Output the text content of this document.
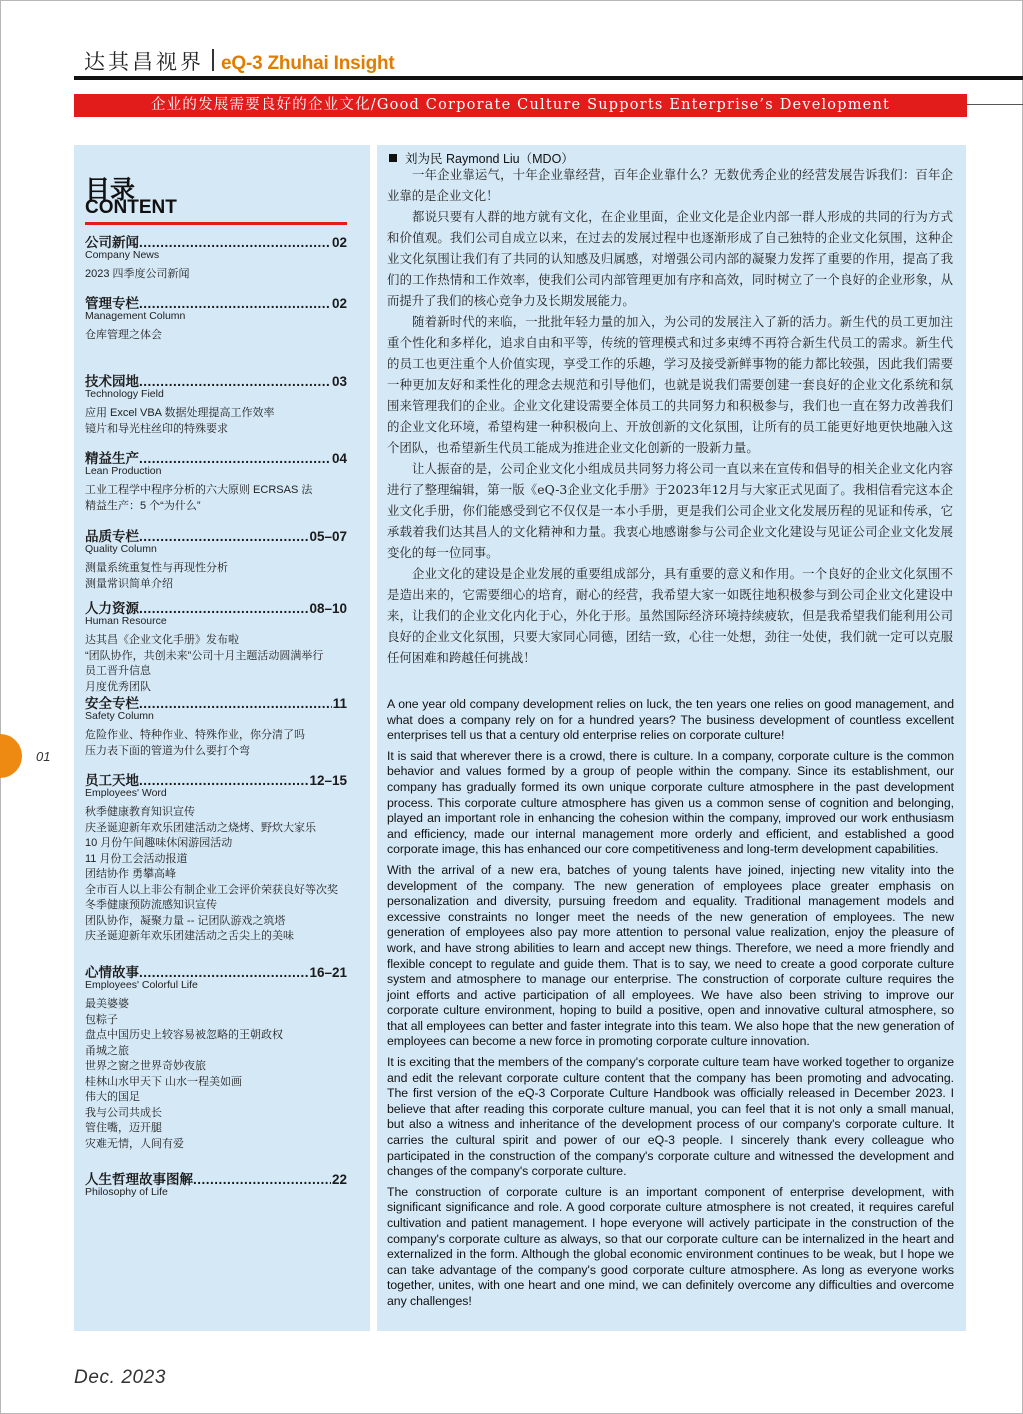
达其昌视界 eQ-3 Zhuhai Insight
企业的发展需要良好的企业文化/Good Corporate Culture Supports Enterprise’s Development
目录
CONTENT
公司新闻 .....	02
Company News
2023 四季度公司新闻
管理专栏 .....	02
Management Column
仓库管理之体会
技术园地 .....	03
Technology Field
应用 Excel VBA 数据处理提高工作效率
镜片和导光柱丝印的特殊要求
精益生产 .....	04
Lean Production
工业工程学中程序分析的六大原则 ECRSAS 法
精益生产：5 个“为什么”
品质专栏 .....	05–07
Quality Column
测量系统重复性与再现性分析
测量常识简单介绍
人力资源 .....	08–10
Human Resource
达其昌《企业文化手册》发布啦
“团队协作，共创未来”公司十月主题活动圆满举行
员工晋升信息
月度优秀团队
安全专栏 .....	11
Safety Column
危险作业、特种作业、特殊作业，你分清了吗
压力表下面的管道为什么要打个弯
员工天地 .....	12–15
Employees' Word
秋季健康教育知识宣传
庆圣诞迎新年欢乐团建活动之烧烤、野炊大家乐
10 月份午间趣味休闲游园活动
11 月份工会活动报道
团结协作 勇攀高峰
全市百人以上非公有制企业工会评价荣获良好等次奖
冬季健康预防流感知识宣传
团队协作，凝聚力量 -- 记团队游戏之筑塔
庆圣诞迎新年欢乐团建活动之舌尖上的美味
心情故事 .....	16–21
Employees' Colorful Life
最美婆婆
包粽子
盘点中国历史上较容易被忽略的王朝政权
甬城之旅
世界之窗之世界奇妙夜旅
桂林山水甲天下 山水一程美如画
伟大的国足
我与公司共成长
管住嘴，迈开腿
灾难无情，人间有爱
人生哲理故事图解 .....	22
Philosophy of Life
刘为民 Raymond Liu（MDO）

一年企业靠运气，十年企业靠经营，百年企业靠什么？无数优秀企业的经营发展告诉我们：百年企业靠的是企业文化！

都说只要有人群的地方就有文化，在企业里面，企业文化是企业内部一群人形成的共同的行为方式和价值观。我们公司自成立以来，在过去的发展过程中也逐渐形成了自己独特的企业文化氛围，这种企业文化氛围让我们有了共同的认知感及归属感，对增强公司内部的凝聚力发挥了重要的作用，提高了我们的工作热情和工作效率，使我们公司内部管理更加有序和高效，同时树立了一个良好的企业形象，从而提升了我们的核心竞争力及长期发展能力。

随着新时代的来临，一批批年轻力量的加入，为公司的发展注入了新的活力。新生代的员工更加注重个性化和多样化，追求自由和平等，传统的管理模式和过多束缚不再符合新生代员工的需求。新生代的员工也更注重个人价值实现，享受工作的乐趣，学习及接受新鲜事物的能力都比较强，因此我们需要一种更加友好和柔性化的理念去规范和引导他们，也就是说我们需要创建一套良好的企业文化系统和氛围来管理我们的企业。企业文化建设需要全体员工的共同努力和积极参与，我们也一直在努力改善我们的企业文化环境，希望构建一种积极向上、开放创新的文化氛围，让所有的员工能更好地更快地融入这个团队，也希望新生代员工能成为推进企业文化创新的一股新力量。

让人振奋的是，公司企业文化小组成员共同努力将公司一直以来在宣传和倡导的相关企业文化内容进行了整理编辑，第一版《eQ-3企业文化手册》于2023年12月与大家正式见面了。我相信看完这本企业文化手册，你们能感受到它不仅仅是一本小手册，更是我们公司企业文化发展历程的见证和传承，它承载着我们达其昌人的文化精神和力量。我衷心地感谢参与公司企业文化建设与见证公司企业文化发展变化的每一位同事。

企业文化的建设是企业发展的重要组成部分，具有重要的意义和作用。一个良好的企业文化氛围不是造出来的，它需要细心的培育，耐心的经营，我希望大家一如既往地积极参与到公司企业文化建设中来，让我们的企业文化内化于心，外化于形。虽然国际经济环境持续疲软，但是我希望我们能利用公司良好的企业文化氛围，只要大家同心同德，团结一致，心往一处想，劲往一处使，我们就一定可以克服任何困难和跨越任何挑战！

A one year old company development relies on luck, the ten years one relies on good management, and what does a company rely on for a hundred years? The business development of countless excellent enterprises tell us that a century old enterprise relies on corporate culture!

It is said that wherever there is a crowd, there is culture. In a company, corporate culture is the common behavior and values formed by a group of people within the company. Since its establishment, our company has gradually formed its own unique corporate culture atmosphere in the past development process. This corporate culture atmosphere has given us a common sense of cognition and belonging, played an important role in enhancing the cohesion within the company, improved our work enthusiasm and efficiency, made our internal management more orderly and efficient, and established a good corporate image, this has enhanced our core competitiveness and long-term development capabilities.

With the arrival of a new era, batches of young talents have joined, injecting new vitality into the development of the company. The new generation of employees place greater emphasis on personalization and diversity, pursuing freedom and equality. Traditional management models and excessive constraints no longer meet the needs of the new generation of employees. The new generation of employees also pay more attention to personal value realization, enjoy the pleasure of work, and have strong abilities to learn and accept new things. Therefore, we need a more friendly and flexible concept to regulate and guide them. That is to say, we need to create a good corporate culture system and atmosphere to manage our enterprise. The construction of corporate culture requires the joint efforts and active participation of all employees. We have also been striving to improve our corporate culture environment, hoping to build a positive, open and innovative cultural atmosphere, so that all employees can better and faster integrate into this team. We also hope that the new generation of employees can become a new force in promoting corporate culture innovation.

It is exciting that the members of the company's corporate culture team have worked together to organize and edit the relevant corporate culture content that the company has been promoting and advocating. The first version of the eQ-3 Corporate Culture Handbook was officially released in December 2023. I believe that after reading this corporate culture manual, you can feel that it is not only a small manual, but also a witness and inheritance of the development process of our company's corporate culture. It carries the cultural spirit and power of our eQ-3 people. I sincerely thank every colleague who participated in the construction of the company's corporate culture and witnessed the development and changes of the company's corporate culture.

The construction of corporate culture is an important component of enterprise development, with significant significance and role. A good corporate culture atmosphere is not created, it requires careful cultivation and patient management. I hope everyone will actively participate in the construction of the company's corporate culture as always, so that our corporate culture can be internalized in the heart and externalized in the form. Although the global economic environment continues to be weak, but I hope we can take advantage of the company's good corporate culture atmosphere. As long as everyone works together, unites, with one heart and one mind, we can definitely overcome any difficulties and overcome any challenges!

01
Dec. 2023
